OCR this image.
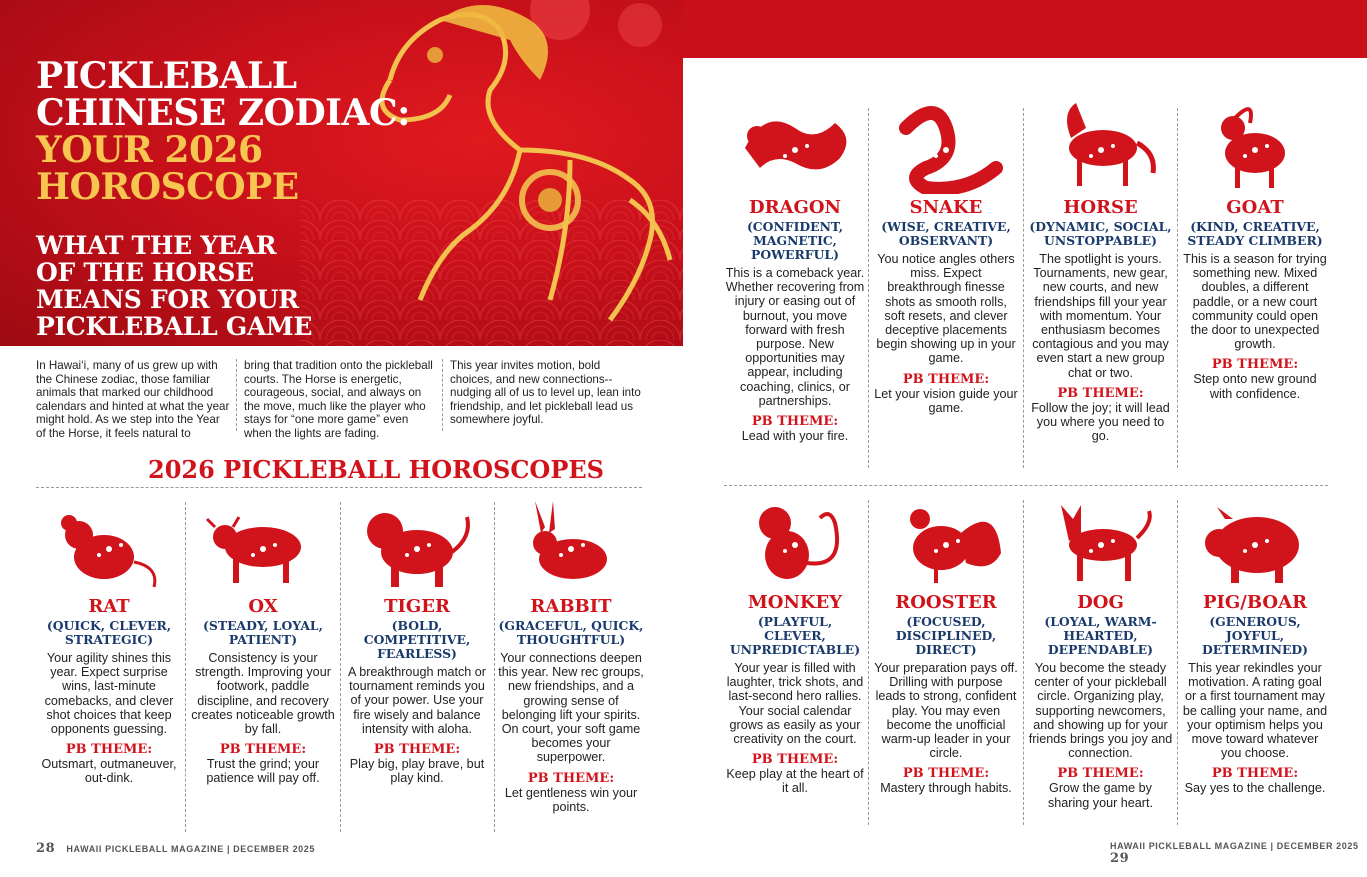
PICKLEBALL
CHINESE ZODIAC:
YOUR 2026
HOROSCOPE
WHAT THE YEAR
OF THE HORSE
MEANS FOR YOUR
PICKLEBALL GAME
In Hawai‘i, many of us grew up with the Chinese zodiac, those familiar animals that marked our childhood calendars and hinted at what the year might hold. As we step into the Year of the Horse, it feels natural to
bring that tradition onto the pickleball courts. The Horse is energetic, courageous, social, and always on the move, much like the player who stays for “one more game” even when the lights are fading.
This year invites motion, bold choices, and new connections--nudging all of us to level up, lean into friendship, and let pickleball lead us somewhere joyful.
2026 PICKLEBALL HOROSCOPES
RAT
(QUICK, CLEVER, STRATEGIC)
Your agility shines this year. Expect surprise wins, last-minute comebacks, and clever shot choices that keep opponents guessing.
PB THEME:
Outsmart, outmaneuver, out-dink.
OX
(STEADY, LOYAL, PATIENT)
Consistency is your strength. Improving your footwork, paddle discipline, and recovery creates noticeable growth by fall.
PB THEME:
Trust the grind; your patience will pay off.
TIGER
(BOLD, COMPETITIVE, FEARLESS)
A breakthrough match or tournament reminds you of your power. Use your fire wisely and balance intensity with aloha.
PB THEME:
Play big, play brave, but play kind.
RABBIT
(GRACEFUL, QUICK, THOUGHTFUL)
Your connections deepen this year. New rec groups, new friendships, and a growing sense of belonging lift your spirits. On court, your soft game becomes your superpower.
PB THEME:
Let gentleness win your points.
DRAGON
(CONFIDENT, MAGNETIC, POWERFUL)
This is a comeback year. Whether recovering from injury or easing out of burnout, you move forward with fresh purpose. New opportunities may appear, including coaching, clinics, or partnerships.
PB THEME:
Lead with your fire.
SNAKE
(WISE, CREATIVE, OBSERVANT)
You notice angles others miss. Expect breakthrough finesse shots as smooth rolls, soft resets, and clever deceptive placements begin showing up in your game.
PB THEME:
Let your vision guide your game.
HORSE
(DYNAMIC, SOCIAL, UNSTOPPABLE)
The spotlight is yours. Tournaments, new gear, new courts, and new friendships fill your year with momentum. Your enthusiasm becomes contagious and you may even start a new group chat or two.
PB THEME:
Follow the joy; it will lead you where you need to go.
GOAT
(KIND, CREATIVE, STEADY CLIMBER)
This is a season for trying something new. Mixed doubles, a different paddle, or a new court community could open the door to unexpected growth.
PB THEME:
Step onto new ground with confidence.
MONKEY
(PLAYFUL, CLEVER, UNPREDICTABLE)
Your year is filled with laughter, trick shots, and last-second hero rallies. Your social calendar grows as easily as your creativity on the court.
PB THEME:
Keep play at the heart of it all.
ROOSTER
(FOCUSED, DISCIPLINED, DIRECT)
Your preparation pays off. Drilling with purpose leads to strong, confident play. You may even become the unofficial warm-up leader in your circle.
PB THEME:
Mastery through habits.
DOG
(LOYAL, WARM-HEARTED, DEPENDABLE)
You become the steady center of your pickleball circle. Organizing play, supporting newcomers, and showing up for your friends brings you joy and connection.
PB THEME:
Grow the game by sharing your heart.
PIG/BOAR
(GENEROUS, JOYFUL, DETERMINED)
This year rekindles your motivation. A rating goal or a first tournament may be calling your name, and your optimism helps you move toward whatever you choose.
PB THEME:
Say yes to the challenge.
28 HAWAII PICKLEBALL MAGAZINE | DECEMBER 2025	HAWAII PICKLEBALL MAGAZINE | DECEMBER 2025 29
